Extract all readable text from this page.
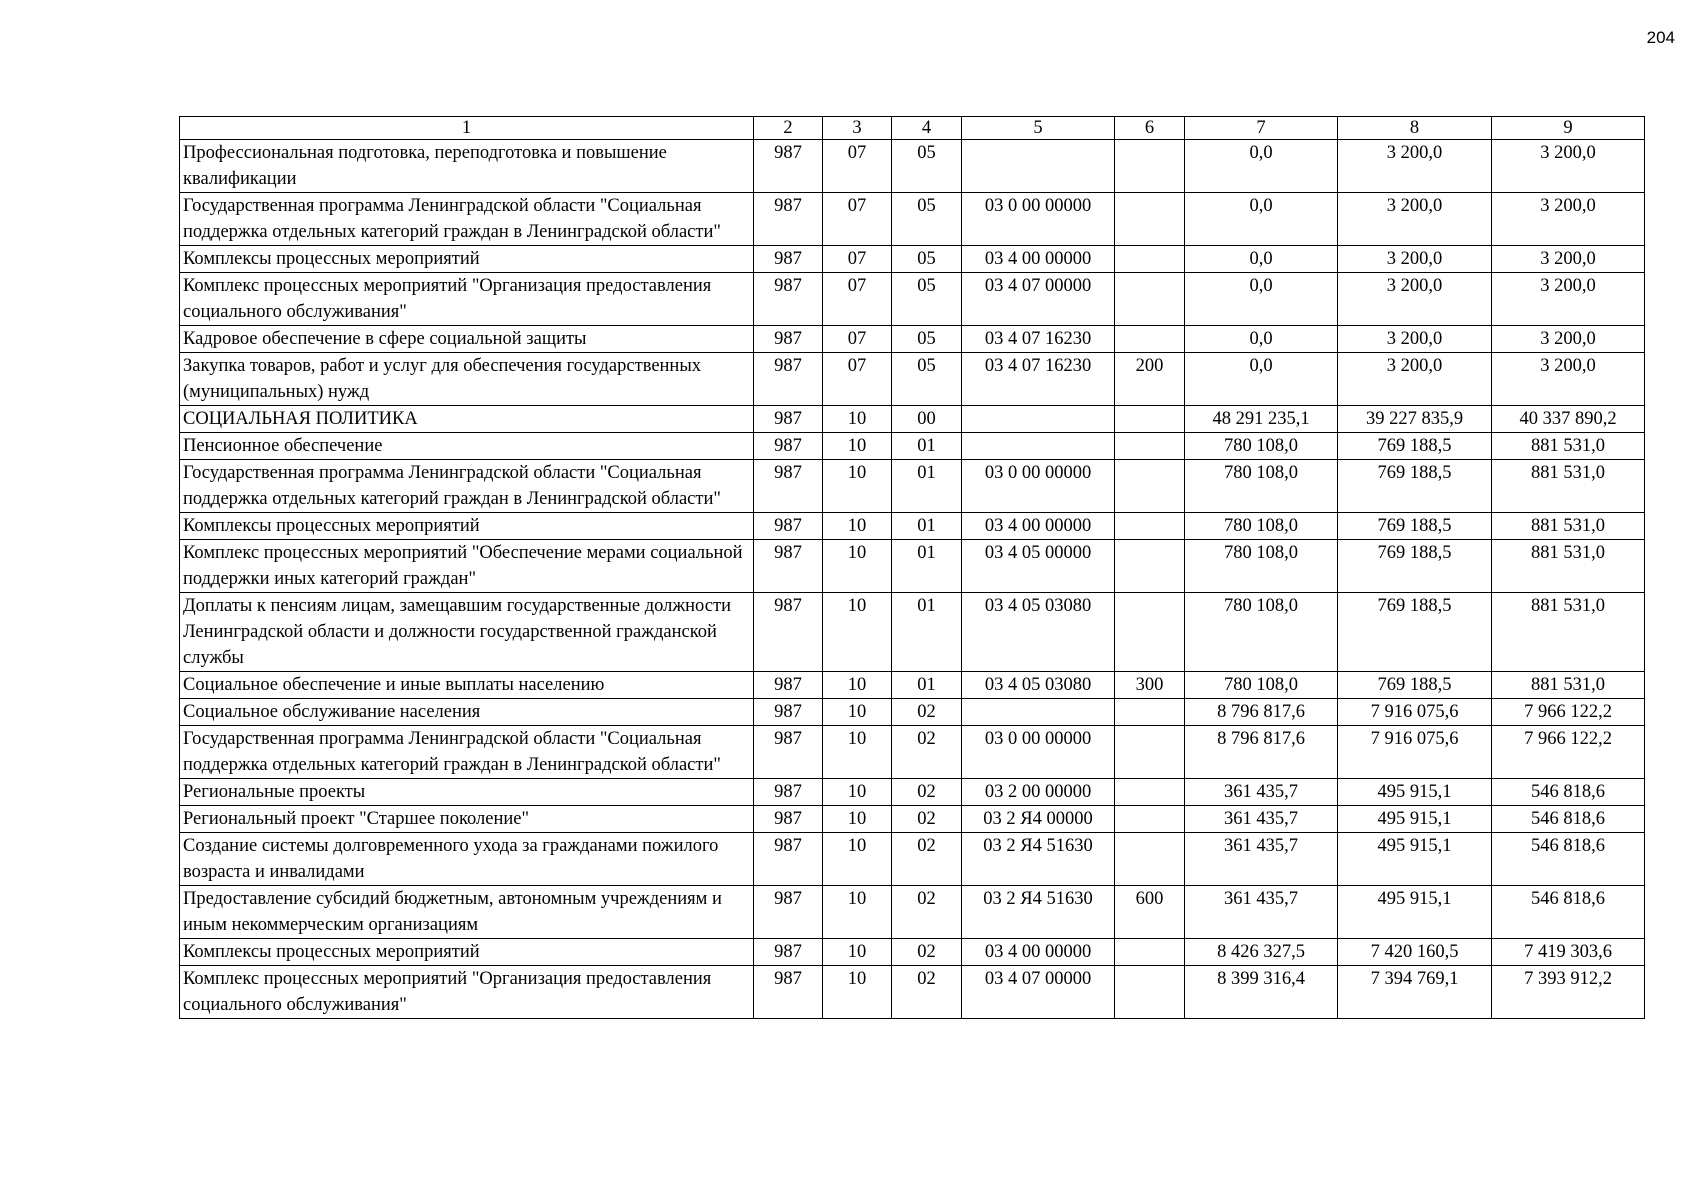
204
1	2	3	4	5	6	7	8	9
Профессиональная подготовка, переподготовка и повышение квалификации	987	07	05			0,0	3 200,0	3 200,0
Государственная программа Ленинградской области "Социальная поддержка отдельных категорий граждан в Ленинградской области"	987	07	05	03 0 00 00000		0,0	3 200,0	3 200,0
Комплексы процессных мероприятий	987	07	05	03 4 00 00000		0,0	3 200,0	3 200,0
Комплекс процессных мероприятий "Организация предоставления социального обслуживания"	987	07	05	03 4 07 00000		0,0	3 200,0	3 200,0
Кадровое обеспечение в сфере социальной защиты	987	07	05	03 4 07 16230		0,0	3 200,0	3 200,0
Закупка товаров, работ и услуг для обеспечения государственных (муниципальных) нужд	987	07	05	03 4 07 16230	200	0,0	3 200,0	3 200,0
СОЦИАЛЬНАЯ ПОЛИТИКА	987	10	00			48 291 235,1	39 227 835,9	40 337 890,2
Пенсионное обеспечение	987	10	01			780 108,0	769 188,5	881 531,0
Государственная программа Ленинградской области "Социальная поддержка отдельных категорий граждан в Ленинградской области"	987	10	01	03 0 00 00000		780 108,0	769 188,5	881 531,0
Комплексы процессных мероприятий	987	10	01	03 4 00 00000		780 108,0	769 188,5	881 531,0
Комплекс процессных мероприятий "Обеспечение мерами социальной поддержки иных категорий граждан"	987	10	01	03 4 05 00000		780 108,0	769 188,5	881 531,0
Доплаты к пенсиям лицам, замещавшим государственные должности Ленинградской области и должности государственной гражданской службы	987	10	01	03 4 05 03080		780 108,0	769 188,5	881 531,0
Социальное обеспечение и иные выплаты населению	987	10	01	03 4 05 03080	300	780 108,0	769 188,5	881 531,0
Социальное обслуживание населения	987	10	02			8 796 817,6	7 916 075,6	7 966 122,2
Государственная программа Ленинградской области "Социальная поддержка отдельных категорий граждан в Ленинградской области"	987	10	02	03 0 00 00000		8 796 817,6	7 916 075,6	7 966 122,2
Региональные проекты	987	10	02	03 2 00 00000		361 435,7	495 915,1	546 818,6
Региональный проект "Старшее поколение"	987	10	02	03 2 Я4 00000		361 435,7	495 915,1	546 818,6
Создание системы долговременного ухода за гражданами пожилого возраста и инвалидами	987	10	02	03 2 Я4 51630		361 435,7	495 915,1	546 818,6
Предоставление субсидий бюджетным, автономным учреждениям и иным некоммерческим организациям	987	10	02	03 2 Я4 51630	600	361 435,7	495 915,1	546 818,6
Комплексы процессных мероприятий	987	10	02	03 4 00 00000		8 426 327,5	7 420 160,5	7 419 303,6
Комплекс процессных мероприятий "Организация предоставления социального обслуживания"	987	10	02	03 4 07 00000		8 399 316,4	7 394 769,1	7 393 912,2
